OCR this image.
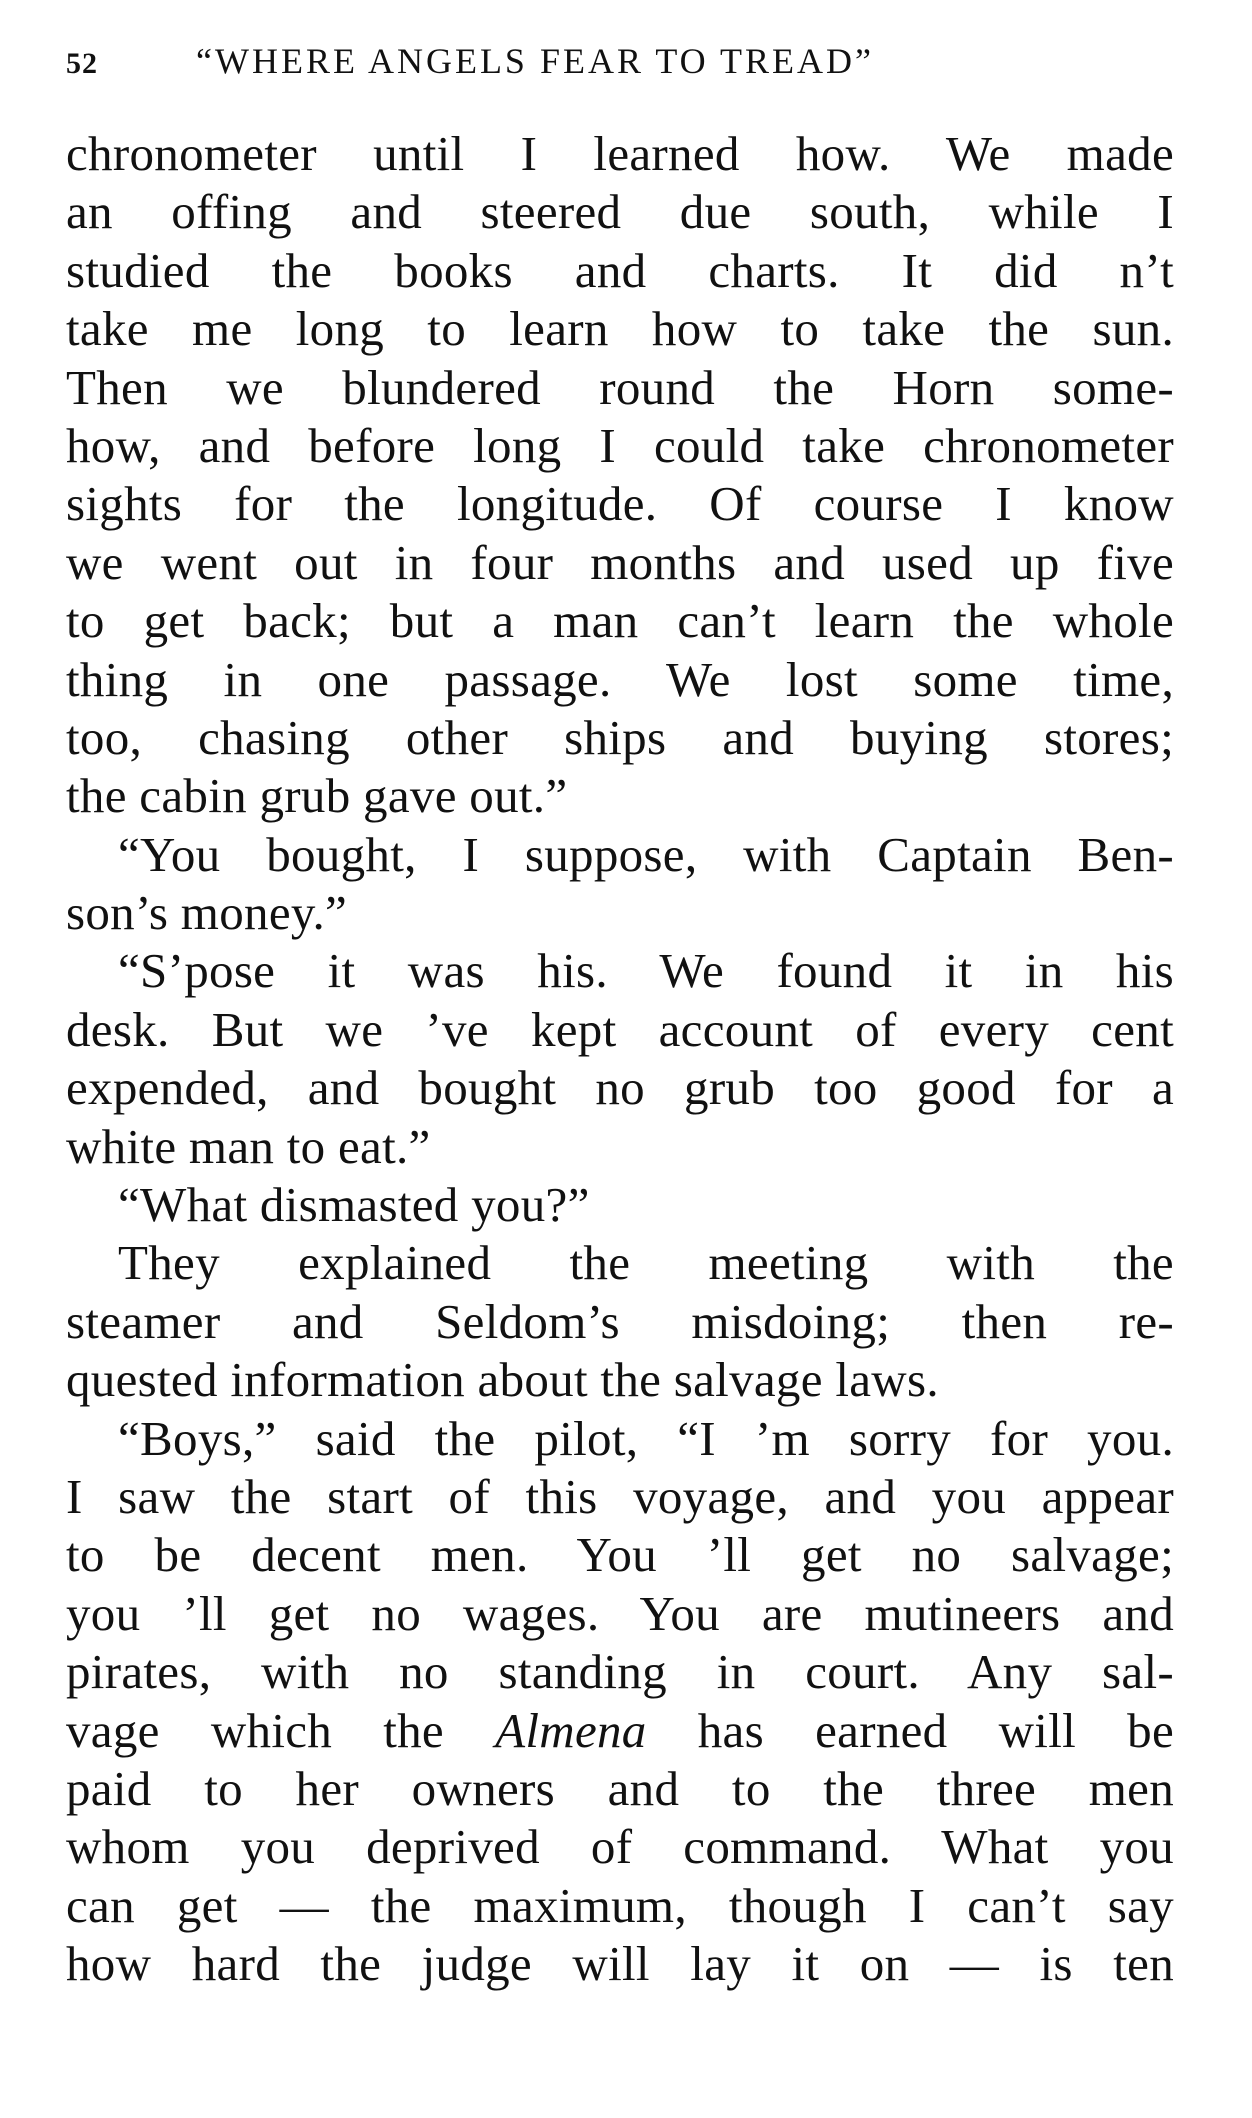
52	“WHERE ANGELS FEAR TO TREAD”
chronometer until I learned how. We made
an offing and steered due south, while I
studied the books and charts. It did n’t
take me long to learn how to take the sun.
Then we blundered round the Horn some-
how, and before long I could take chronometer
sights for the longitude. Of course I know
we went out in four months and used up five
to get back; but a man can’t learn the whole
thing in one passage. We lost some time,
too, chasing other ships and buying stores;
the cabin grub gave out.”
“You bought, I suppose, with Captain Ben-
son’s money.”
“S’pose it was his. We found it in his
desk. But we ’ve kept account of every cent
expended, and bought no grub too good for a
white man to eat.”
“What dismasted you?”
They explained the meeting with the
steamer and Seldom’s misdoing; then re-
quested information about the salvage laws.
“Boys,” said the pilot, “I ’m sorry for you.
I saw the start of this voyage, and you appear
to be decent men. You ’ll get no salvage;
you ’ll get no wages. You are mutineers and
pirates, with no standing in court. Any sal-
vage which the Almena has earned will be
paid to her owners and to the three men
whom you deprived of command. What you
can get — the maximum, though I can’t say
how hard the judge will lay it on — is ten
